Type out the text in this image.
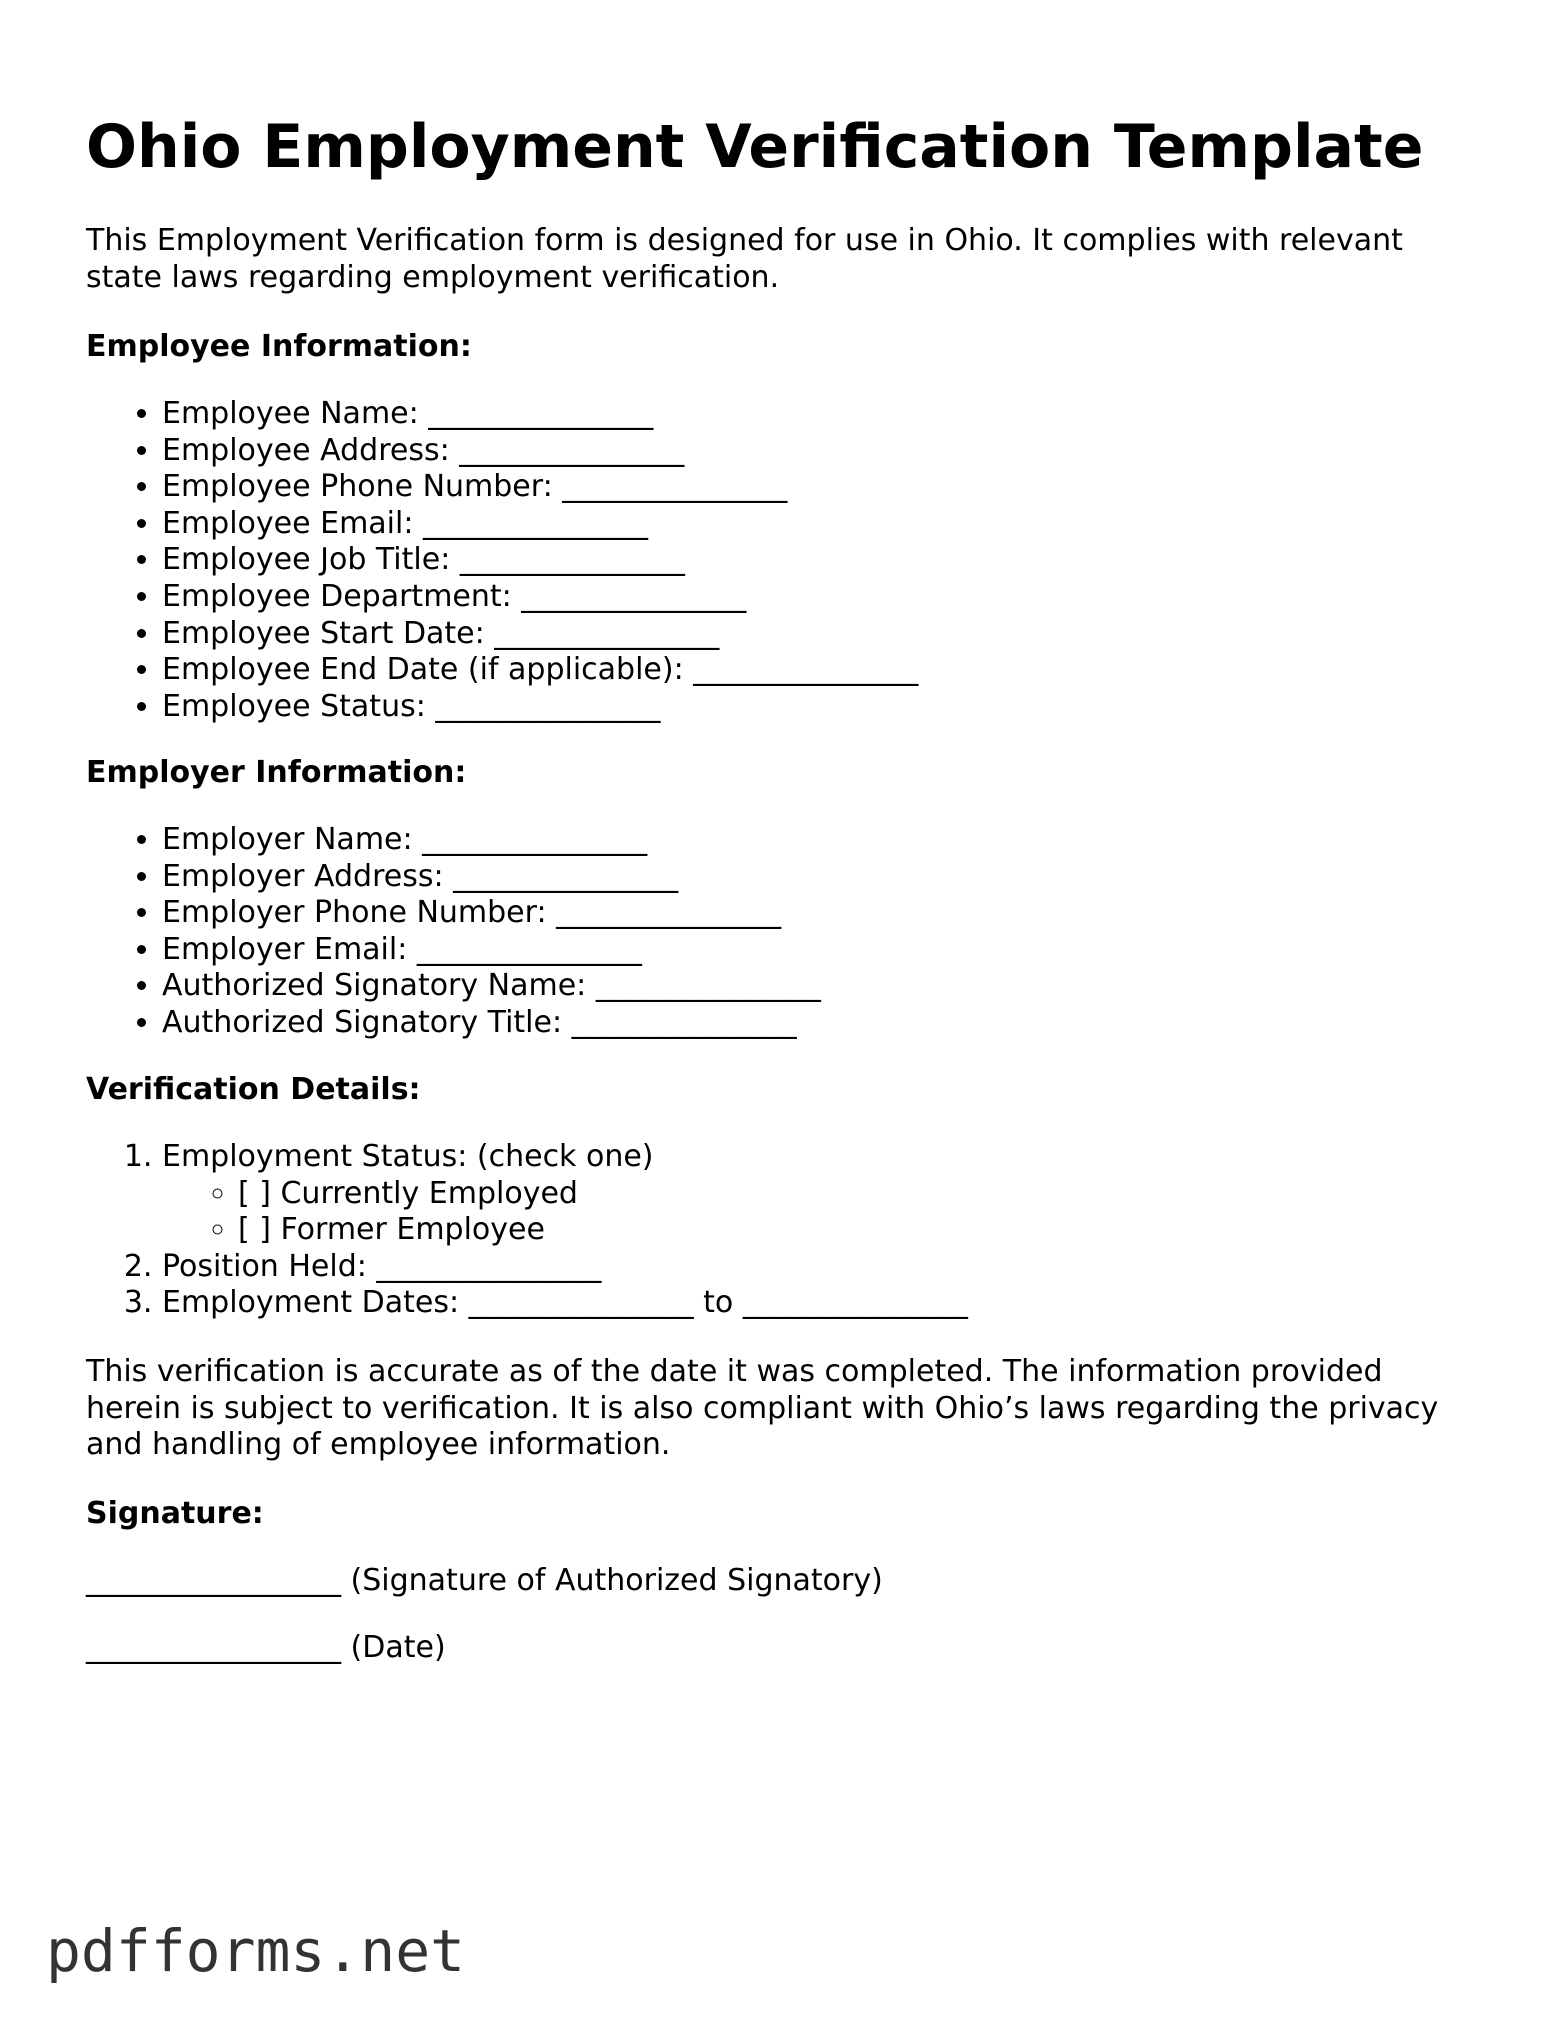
Ohio Employment Verification Template

This Employment Verification form is designed for use in Ohio. It complies with relevant state laws regarding employment verification.

Employee Information:

• Employee Name: _______________
• Employee Address: _______________
• Employee Phone Number: _______________
• Employee Email: _______________
• Employee Job Title: _______________
• Employee Department: _______________
• Employee Start Date: _______________
• Employee End Date (if applicable): _______________
• Employee Status: _______________

Employer Information:

• Employer Name: _______________
• Employer Address: _______________
• Employer Phone Number: _______________
• Employer Email: _______________
• Authorized Signatory Name: _______________
• Authorized Signatory Title: _______________

Verification Details:

1. Employment Status: (check one)
◦ [ ] Currently Employed
◦ [ ] Former Employee
2. Position Held: _______________
3. Employment Dates: _______________ to _______________

This verification is accurate as of the date it was completed. The information provided herein is subject to verification. It is also compliant with Ohio’s laws regarding the privacy and handling of employee information.

Signature:

_________________ (Signature of Authorized Signatory)
_________________ (Date)
pdfforms.net
